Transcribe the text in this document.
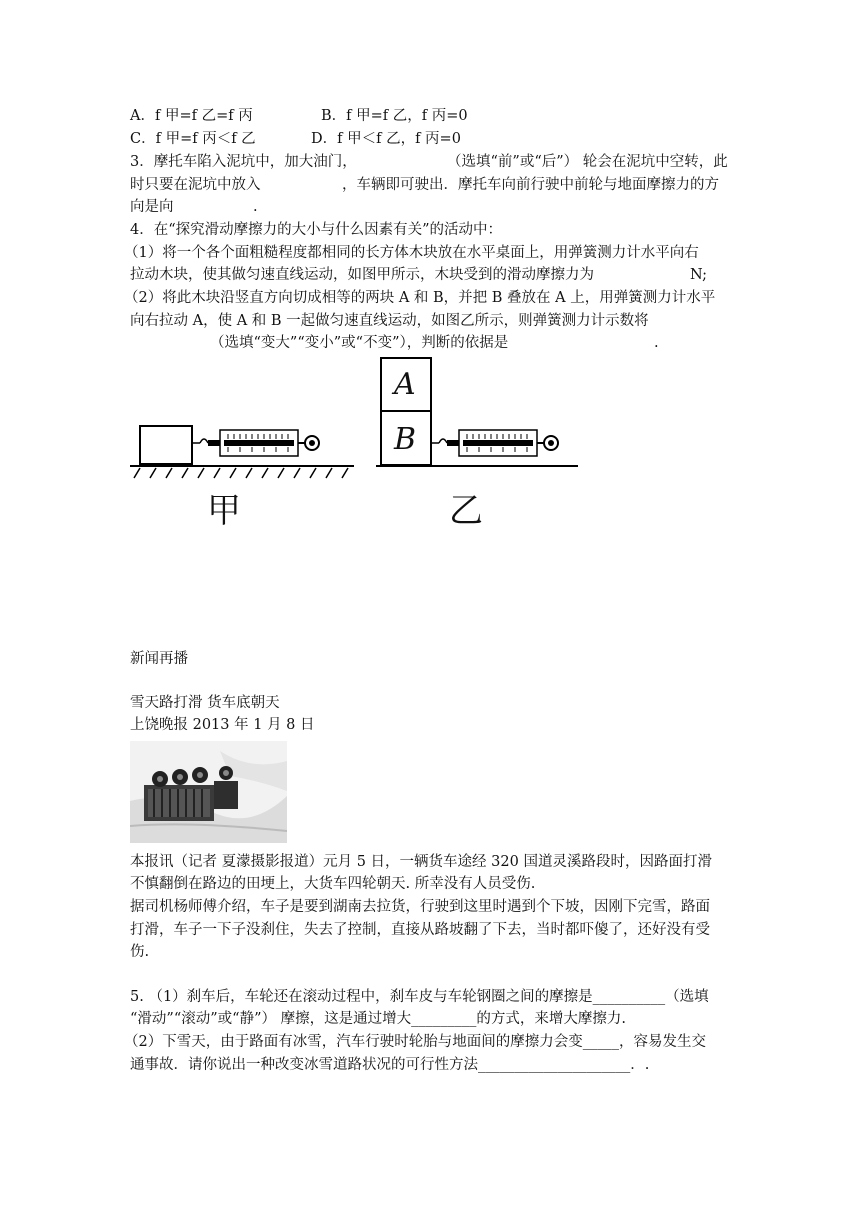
A．f 甲=f 乙=f 丙	B．f 甲=f 乙，f 丙=0
C．f 甲=f 丙＜f 乙	D．f 甲＜f 乙，f 丙=0
3．摩托车陷入泥坑中，加大油门，	（选填“前”或“后”） 轮会在泥坑中空转，此
时只要在泥坑中放入	，车辆即可驶出．摩托车向前行驶中前轮与地面摩擦力的方
向是向	.
4．在“探究滑动摩擦力的大小与什么因素有关”的活动中：
（1）将一个各个面粗糙程度都相同的长方体木块放在水平桌面上，用弹簧测力计水平向右
拉动木块，使其做匀速直线运动，如图甲所示，木块受到的滑动摩擦力为	N;
（2）将此木块沿竖直方向切成相等的两块 A 和 B，并把 B 叠放在 A 上，用弹簧测力计水平
向右拉动 A，使 A 和 B 一起做匀速直线运动，如图乙所示，则弹簧测力计示数将
（选填“变大”“变小”或“不变”），判断的依据是	.
A
B
甲	乙
新闻再播
雪天路打滑 货车底朝天
上饶晚报 2013 年 1 月 8 日
本报讯（记者 夏濛摄影报道）元月 5 日，一辆货车途经 320 国道灵溪路段时，因路面打滑
不慎翻倒在路边的田埂上，大货车四轮朝天. 所幸没有人员受伤.
据司机杨师傅介绍，车子是要到湖南去拉货，行驶到这里时遇到个下坡，因刚下完雪，路面
打滑，车子一下子没刹住，失去了控制，直接从路坡翻了下去，当时都吓傻了，还好没有受
伤.
5. （1）刹车后，车轮还在滚动过程中，刹车皮与车轮钢圈之间的摩擦是__________（选填
“滑动”“滚动”或“静”） 摩擦，这是通过增大_________的方式，来增大摩擦力.
（2）下雪天，由于路面有冰雪，汽车行驶时轮胎与地面间的摩擦力会变_____，容易发生交
通事故．请你说出一种改变冰雪道路状况的可行性方法_____________________．.
